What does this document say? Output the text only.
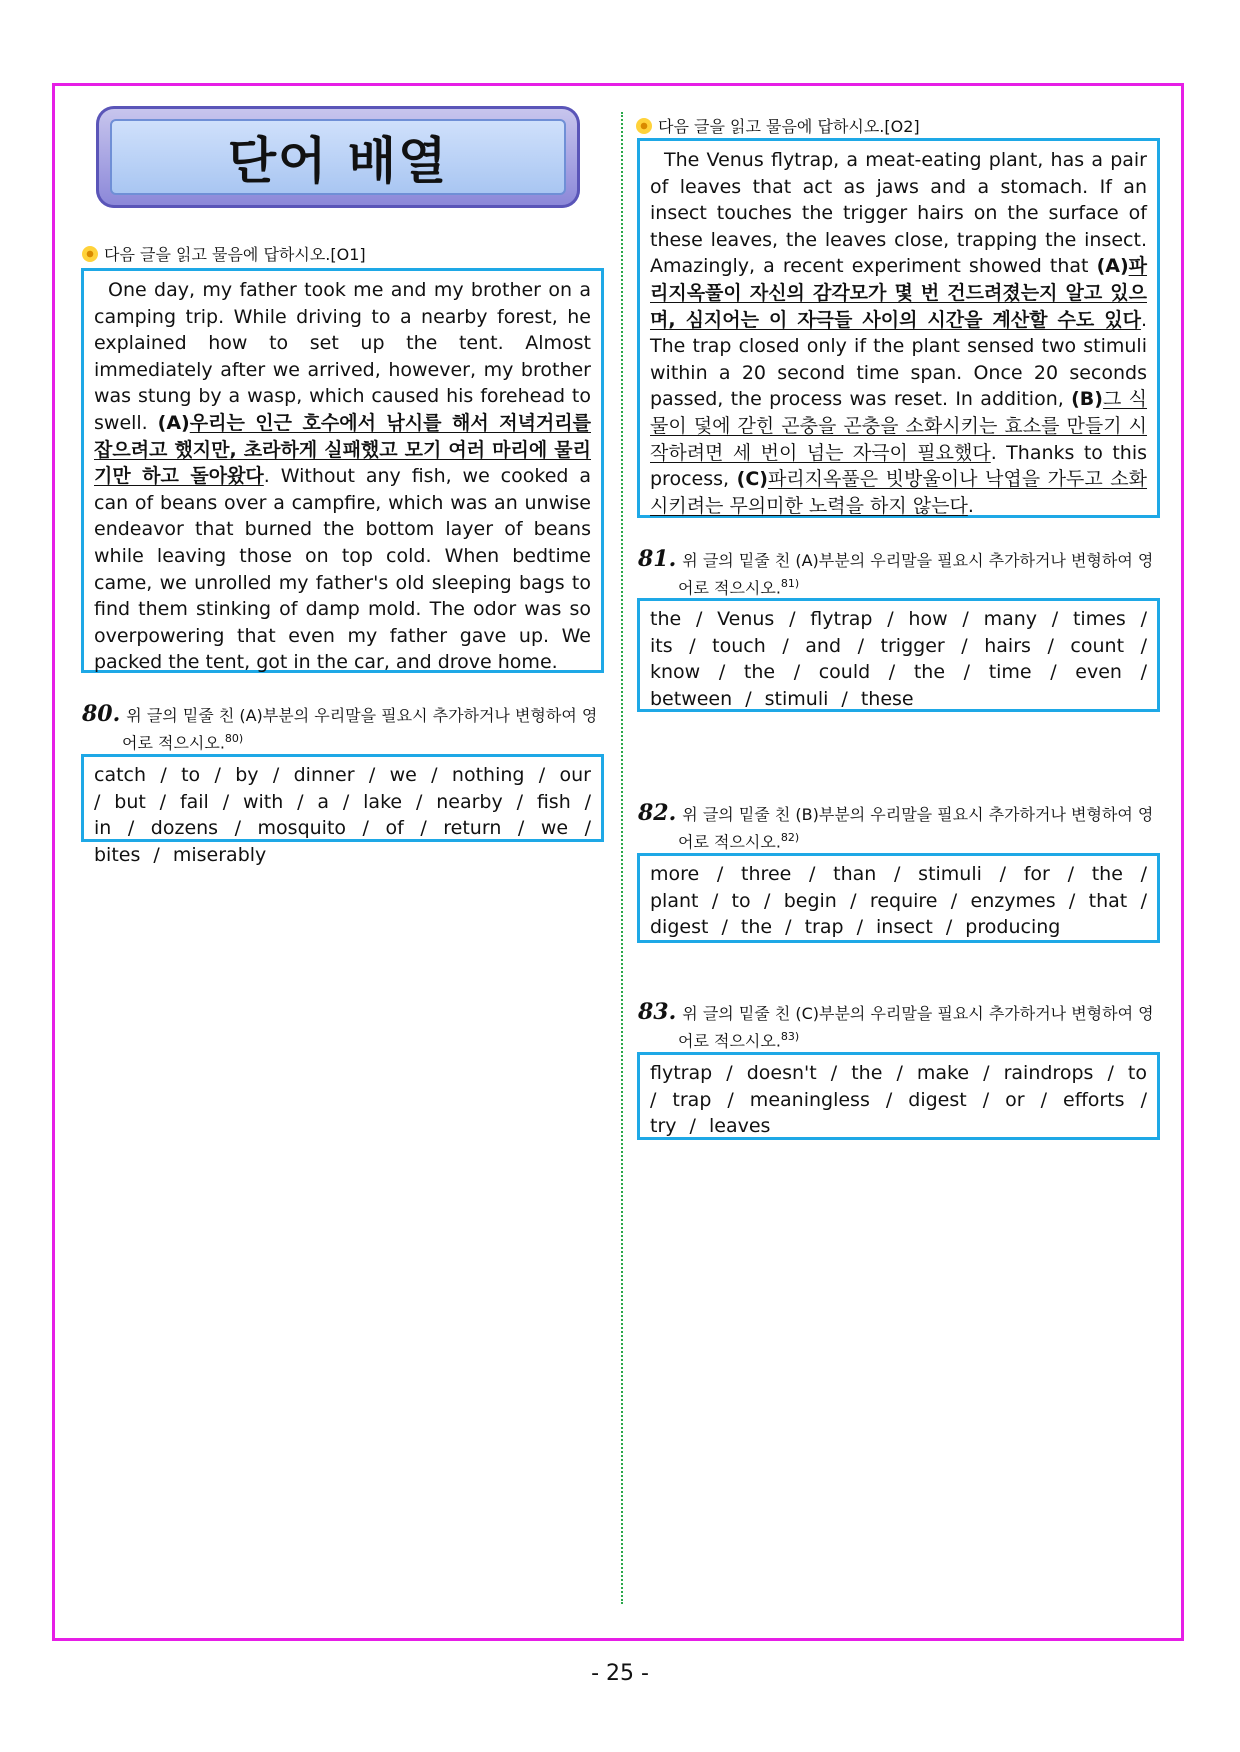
단어 배열
다음 글을 읽고 물음에 답하시오.[O1]

One day, my father took me and my brother on a camping trip. While driving to a nearby forest, he explained how to set up the tent. Almost immediately after we arrived, however, my brother was stung by a wasp, which caused his forehead to swell. (A)우리는 인근 호수에서 낚시를 해서 저녁거리를 잡으려고 했지만, 초라하게 실패했고 모기 여러 마리에 물리기만 하고 돌아왔다. Without any fish, we cooked a can of beans over a campfire, which was an unwise endeavor that burned the bottom layer of beans while leaving those on top cold. When bedtime came, we unrolled my father's old sleeping bags to find them stinking of damp mold. The odor was so overpowering that even my father gave up. We packed the tent, got in the car, and drove home.

80. 위 글의 밑줄 친 (A)부분의 우리말을 필요시 추가하거나 변형하여 영
어로 적으시오.$^{80)}$
catch / to / by / dinner / we / nothing / our / but / fail / with / a / lake / nearby / fish / in / dozens / mosquito / of / return / we / bites / miserably
다음 글을 읽고 물음에 답하시오.[O2]

The Venus flytrap, a meat-eating plant, has a pair of leaves that act as jaws and a stomach. If an insect touches the trigger hairs on the surface of these leaves, the leaves close, trapping the insect. Amazingly, a recent experiment showed that (A)파리지옥풀이 자신의 감각모가 몇 번 건드려졌는지 알고 있으며, 심지어는 이 자극들 사이의 시간을 계산할 수도 있다. The trap closed only if the plant sensed two stimuli within a 20 second time span. Once 20 seconds passed, the process was reset. In addition, (B)그 식물이 덫에 갇힌 곤충을 곤충을 소화시키는 효소를 만들기 시작하려면 세 번이 넘는 자극이 필요했다. Thanks to this process, (C)파리지옥풀은 빗방울이나 낙엽을 가두고 소화시키려는 무의미한 노력을 하지 않는다.

81. 위 글의 밑줄 친 (A)부분의 우리말을 필요시 추가하거나 변형하여 영
어로 적으시오.$^{81)}$
the / Venus / flytrap / how / many / times / its / touch / and / trigger / hairs / count / know / the / could / the / time / even / between / stimuli / these
82. 위 글의 밑줄 친 (B)부분의 우리말을 필요시 추가하거나 변형하여 영
어로 적으시오.$^{82)}$
more / three / than / stimuli / for / the / plant / to / begin / require / enzymes / that / digest / the / trap / insect / producing
83. 위 글의 밑줄 친 (C)부분의 우리말을 필요시 추가하거나 변형하여 영
어로 적으시오.$^{83)}$
flytrap / doesn't / the / make / raindrops / to / trap / meaningless / digest / or / efforts / try / leaves
- 25 -
